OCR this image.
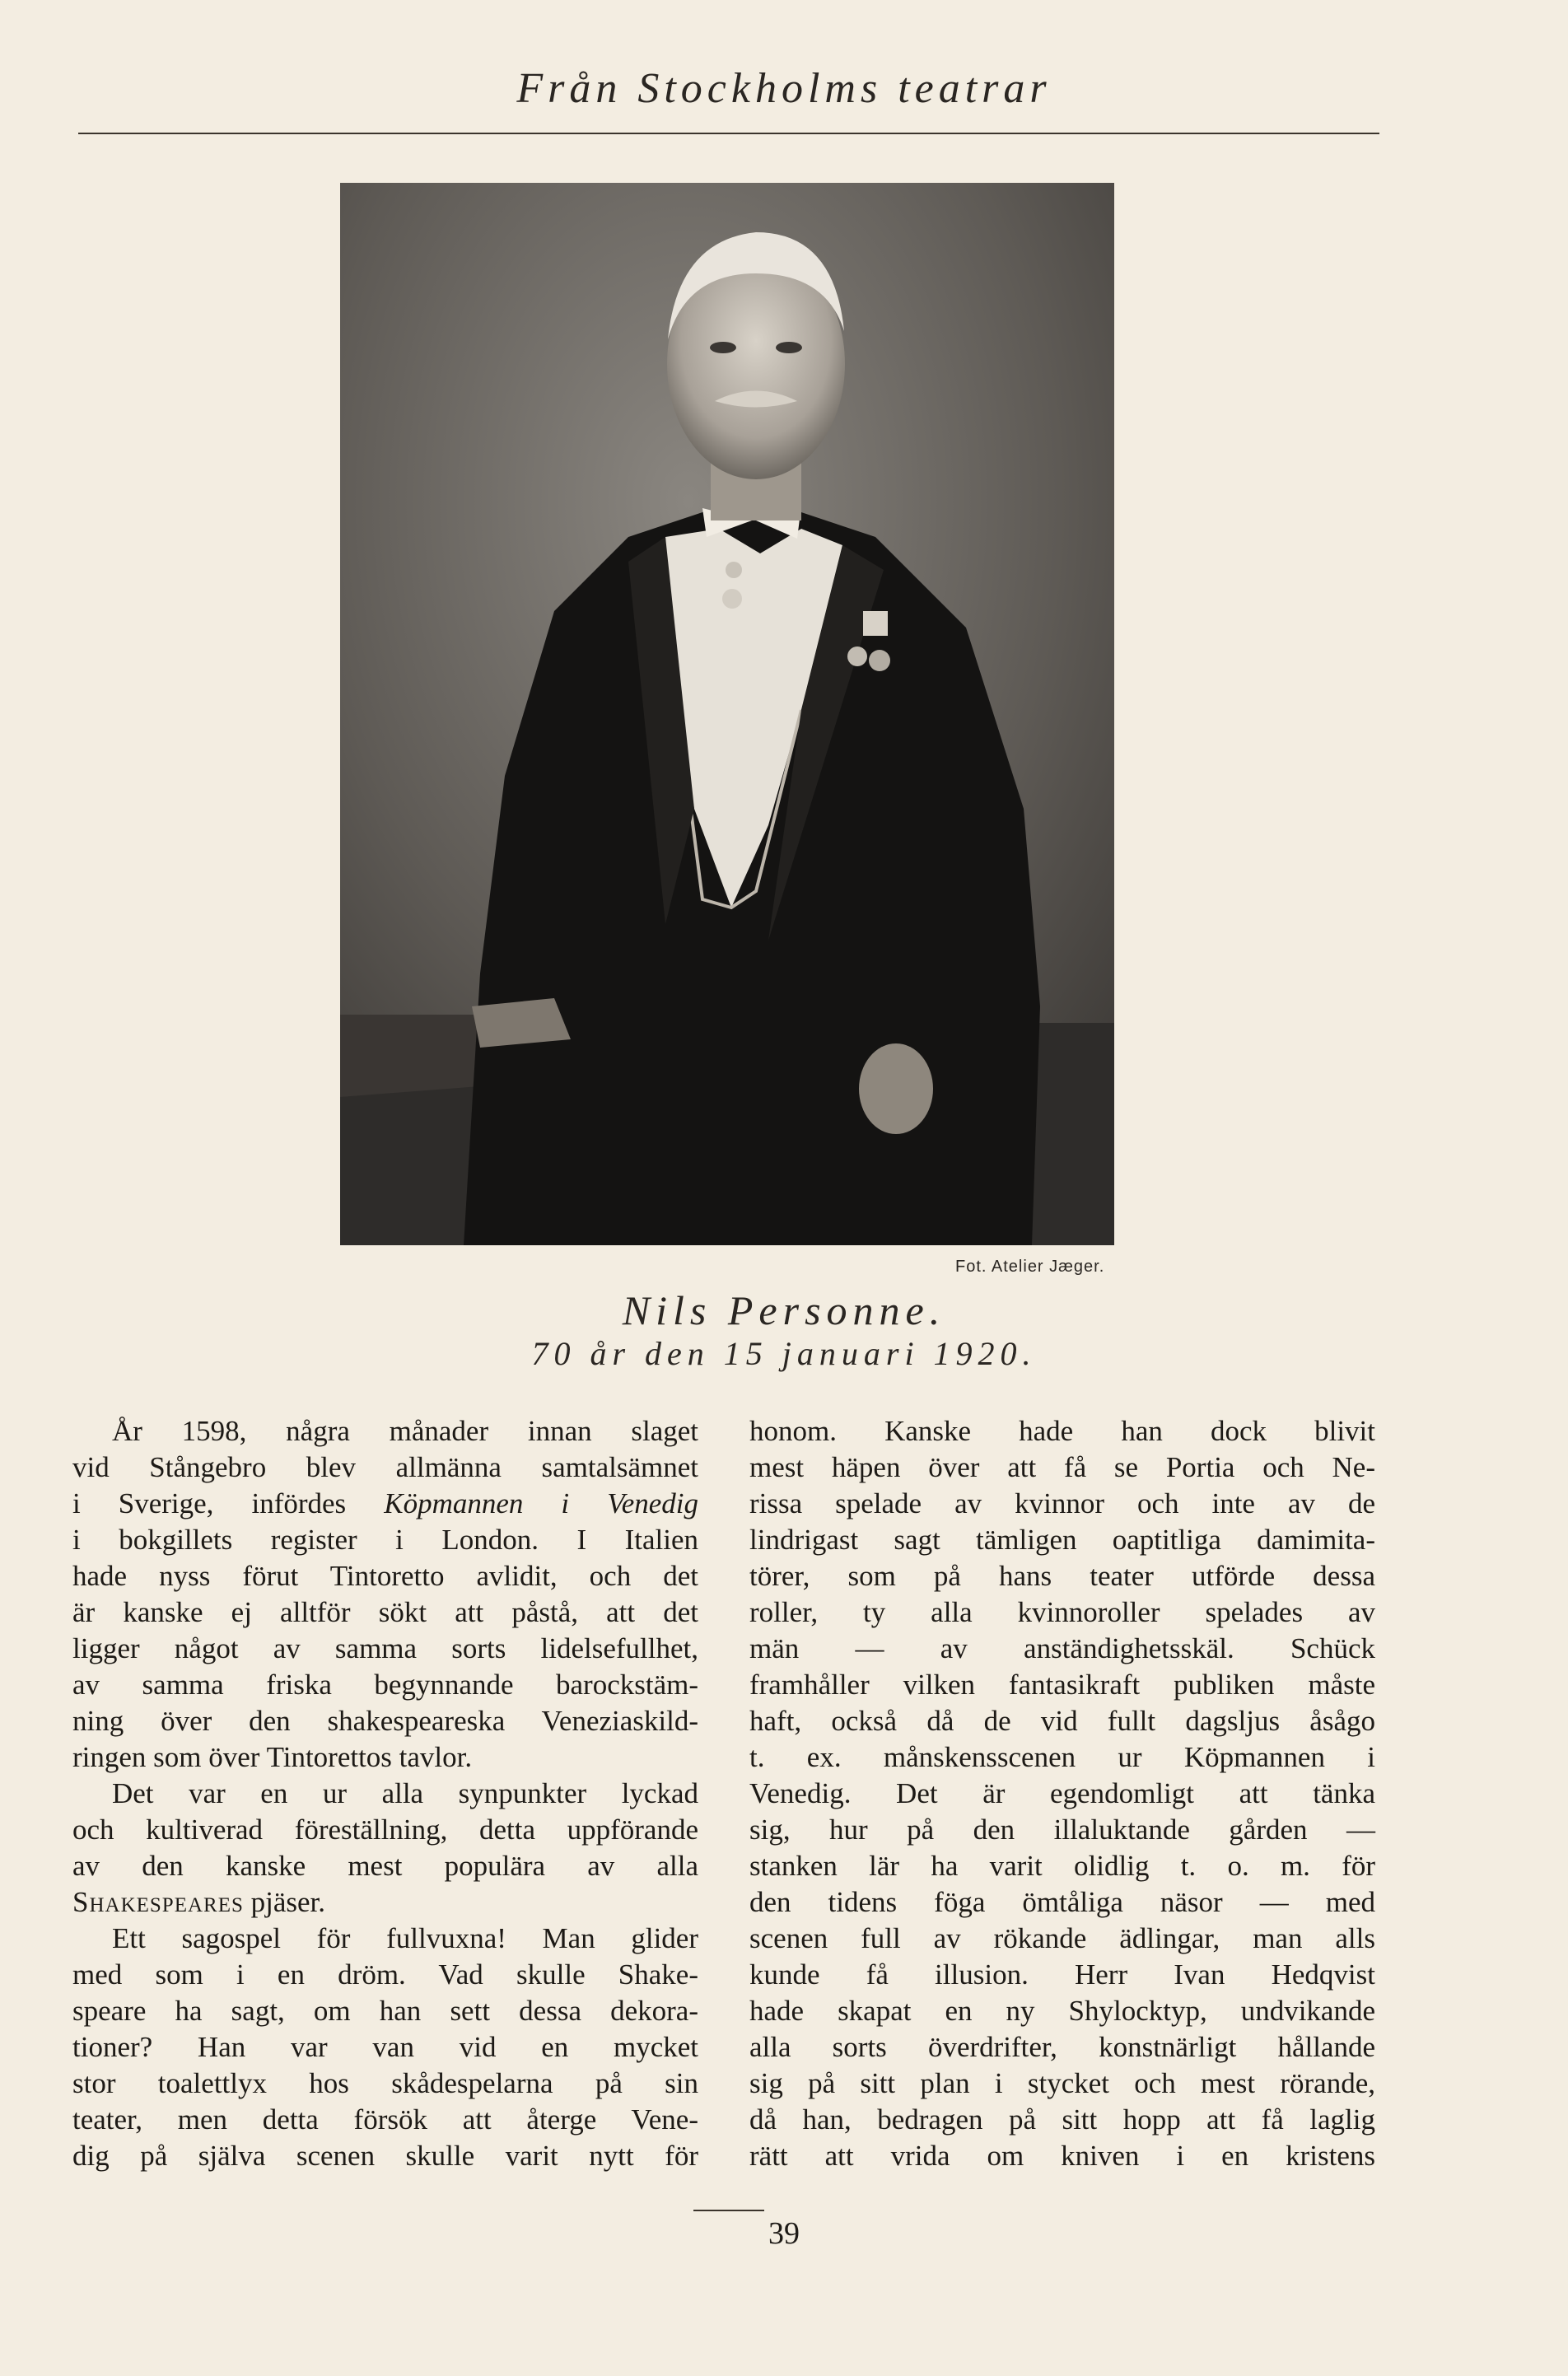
Från Stockholms teatrar
Fot. Atelier Jæger.
Nils Personne.
70 år den 15 januari 1920.
År 1598, några månader innan slaget
vid Stångebro blev allmänna samtalsämnet
i Sverige, infördes Köpmannen i Venedig
i bokgillets register i London. I Italien
hade nyss förut Tintoretto avlidit, och det
är kanske ej alltför sökt att påstå, att det
ligger något av samma sorts lidelsefullhet,
av samma friska begynnande barockstäm-
ning över den shakespeareska Veneziaskild-
ringen som över Tintorettos tavlor.
Det var en ur alla synpunkter lyckad
och kultiverad föreställning, detta uppförande
av den kanske mest populära av alla
Shakespeares pjäser.
Ett sagospel för fullvuxna! Man glider
med som i en dröm. Vad skulle Shake-
speare ha sagt, om han sett dessa dekora-
tioner? Han var van vid en mycket
stor toalettlyx hos skådespelarna på sin
teater, men detta försök att återge Vene-
dig på själva scenen skulle varit nytt för
honom. Kanske hade han dock blivit
mest häpen över att få se Portia och Ne-
rissa spelade av kvinnor och inte av de
lindrigast sagt tämligen oaptitliga damimita-
törer, som på hans teater utförde dessa
roller, ty alla kvinnoroller spelades av
män — av anständighetsskäl. Schück
framhåller vilken fantasikraft publiken måste
haft, också då de vid fullt dagsljus åsågo
t. ex. månskensscenen ur Köpmannen i
Venedig. Det är egendomligt att tänka
sig, hur på den illaluktande gården —
stanken lär ha varit olidlig t. o. m. för
den tidens föga ömtåliga näsor — med
scenen full av rökande ädlingar, man alls
kunde få illusion. Herr Ivan Hedqvist
hade skapat en ny Shylocktyp, undvikande
alla sorts överdrifter, konstnärligt hållande
sig på sitt plan i stycket och mest rörande,
då han, bedragen på sitt hopp att få laglig
rätt att vrida om kniven i en kristens
39
